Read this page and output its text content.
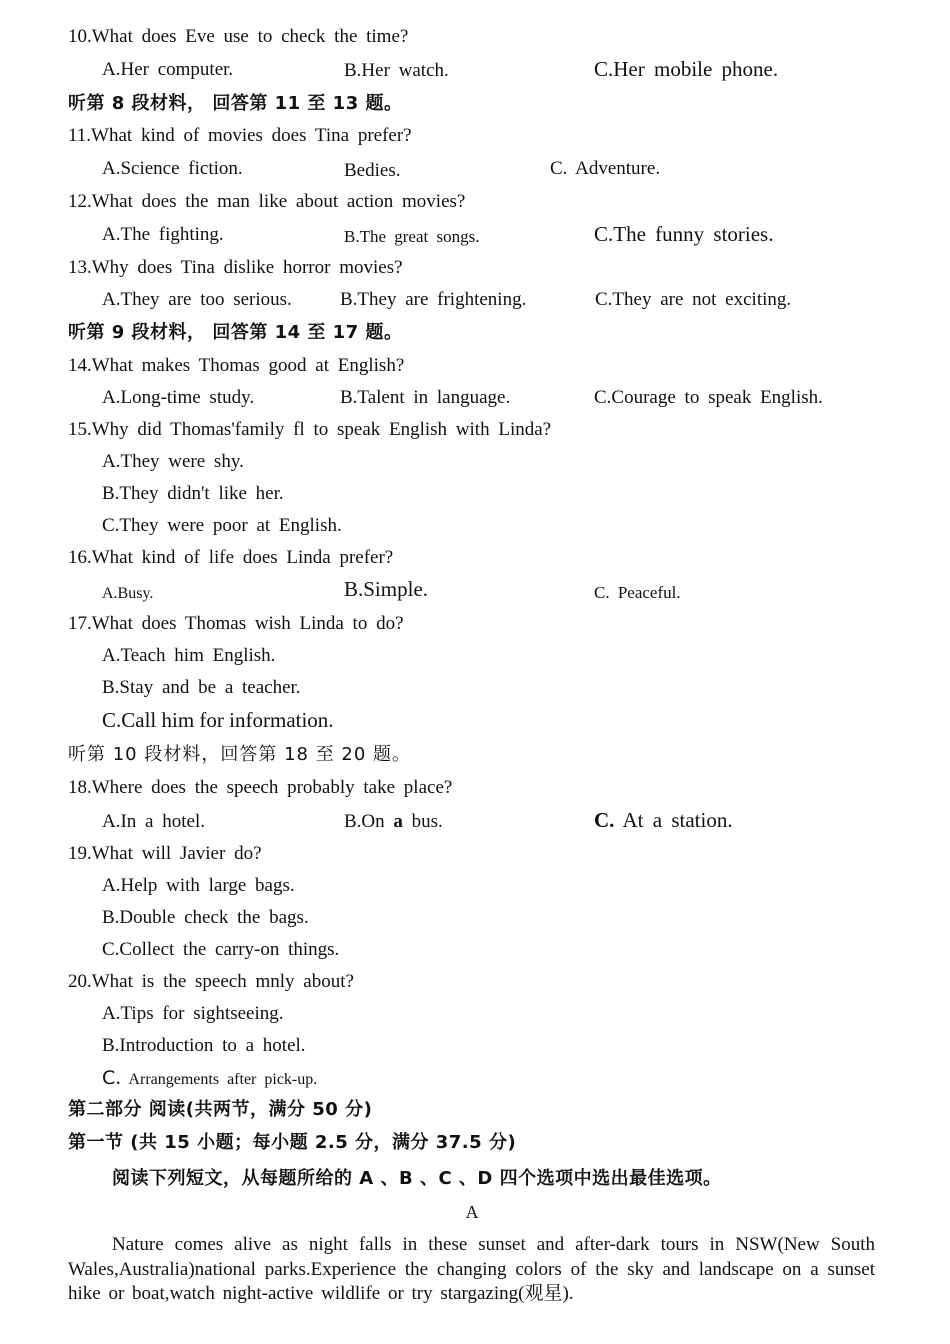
10.What does Eve use to check the time?
A.Her computer.	B.Her watch.	C.Her mobile phone.
听第 8 段材料， 回答第 11 至 13 题。
11.What kind of movies does Tina prefer?
A.Science fiction.	Bedies.	C. Adventure.
12.What does the man like about action movies?
A.The fighting.	B.The great songs.	C.The funny stories.
13.Why does Tina dislike horror movies?
A.They are too serious.	B.They are frightening.	C.They are not exciting.
听第 9 段材料， 回答第 14 至 17 题。
14.What makes Thomas good at English?
A.Long-time study.	B.Talent in language.	C.Courage to speak English.
15.Why did Thomas'family fl to speak English with Linda?
A.They were shy.
B.They didn't like her.
C.They were poor at English.
16.What kind of life does Linda prefer?
A.Busy.	B.Simple.	C. Peaceful.
17.What does Thomas wish Linda to do?
A.Teach him English.
B.Stay and be a teacher.
C.Call him for information.
听第 10 段材料，回答第 18 至 20 题。
18.Where does the speech probably take place?
A.In a hotel.	B.On a bus.	C. At a station.
19.What will Javier do?
A.Help with large bags.
B.Double check the bags.
C.Collect the carry-on things.
20.What is the speech mnly about?
A.Tips for sightseeing.
B.Introduction to a hotel.
C. Arrangements after pick-up.
第二部分 阅读(共两节，满分 50 分)
第一节 (共 15 小题；每小题 2.5 分，满分 37.5 分)
阅读下列短文，从每题所给的 A 、B 、C 、D 四个选项中选出最佳选项。
A
Nature comes alive as night falls in these sunset and after-dark tours in NSW(New South Wales,Australia)national parks.Experience the changing colors of the sky and landscape on a sunset hike or boat,watch night-active wildlife or try stargazing(观星).
